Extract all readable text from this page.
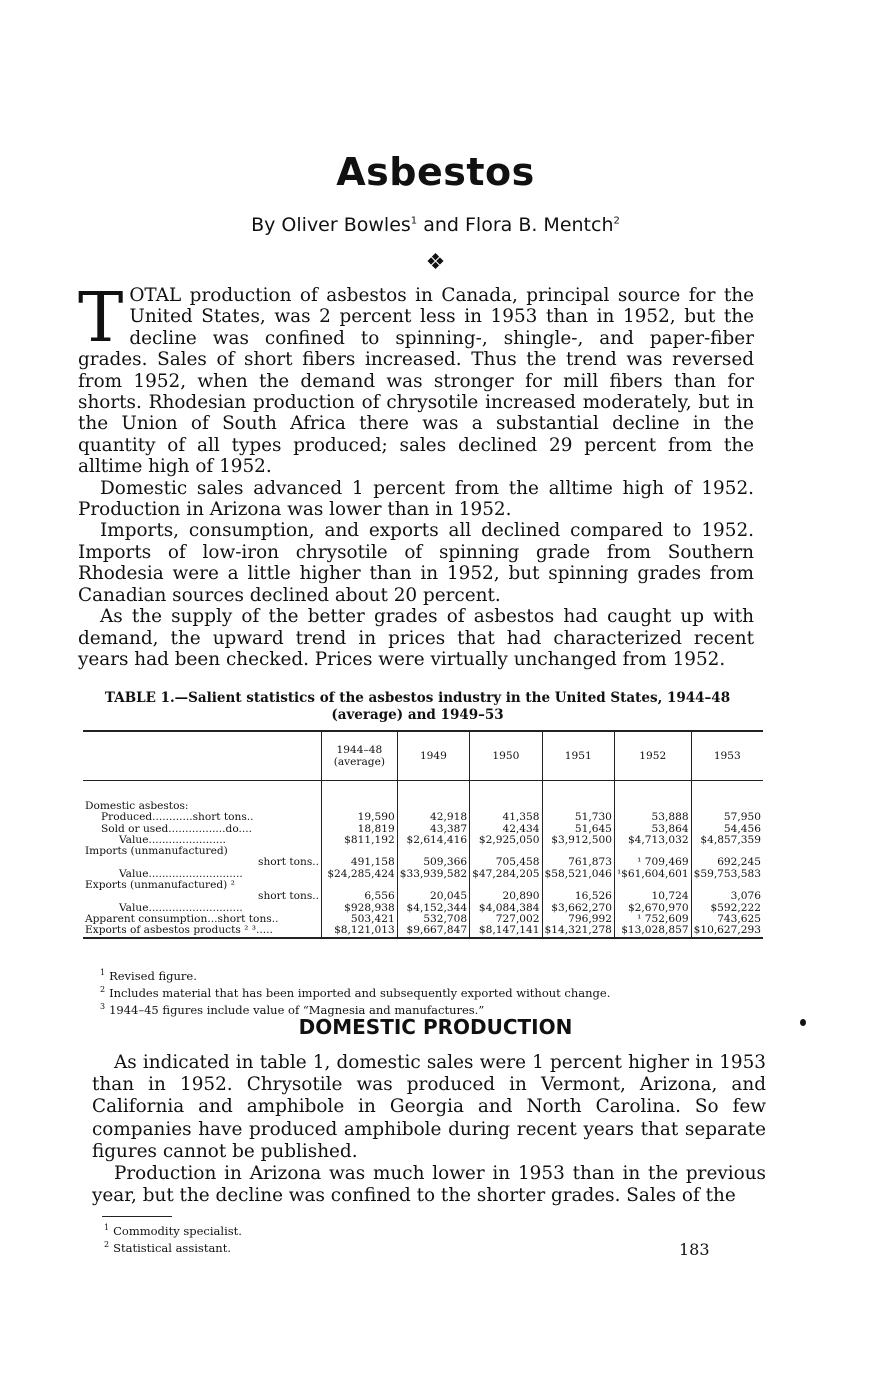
Asbestos
By Oliver Bowles$^1$ and Flora B. Mentch$^2$
❖

TOTAL production of asbestos in Canada, principal source for the United States, was 2 percent less in 1953 than in 1952, but the decline was confined to spinning-, shingle-, and paper-fiber grades. Sales of short fibers increased. Thus the trend was reversed from 1952, when the demand was stronger for mill fibers than for shorts. Rhodesian production of chrysotile increased moderately, but in the Union of South Africa there was a substantial decline in the quantity of all types produced; sales declined 29 percent from the alltime high of 1952.

Domestic sales advanced 1 percent from the alltime high of 1952. Production in Arizona was lower than in 1952.

Imports, consumption, and exports all declined compared to 1952. Imports of low-iron chrysotile of spinning grade from Southern Rhodesia were a little higher than in 1952, but spinning grades from Canadian sources declined about 20 percent.

As the supply of the better grades of asbestos had caught up with demand, the upward trend in prices that had characterized recent years had been checked. Prices were virtually unchanged from 1952.

TABLE 1.—Salient statistics of the asbestos industry in the United States, 1944–48
(average) and 1949–53
	1944–48 (average)	1949	1950	1951	1952	1953

Domestic asbestos:						
Produced............short tons..	19,590	42,918	41,358	51,730	53,888	57,950
Sold or used.................do....	18,819	43,387	42,434	51,645	53,864	54,456
Value.......................	$811,192	$2,614,416	$2,925,050	$3,912,500	$4,713,032	$4,857,359
Imports (unmanufactured)						
short tons..	491,158	509,366	705,458	761,873	¹ 709,469	692,245
Value............................	$24,285,424	$33,939,582	$47,284,205	$58,521,046	¹$61,604,601	$59,753,583
Exports (unmanufactured) ²						
short tons..	6,556	20,045	20,890	16,526	10,724	3,076
Value............................	$928,938	$4,152,344	$4,084,384	$3,662,270	$2,670,970	$592,222
Apparent consumption...short tons..	503,421	532,708	727,002	796,992	¹ 752,609	743,625
Exports of asbestos products ² ³.....	$8,121,013	$9,667,847	$8,147,141	$14,321,278	$13,028,857	$10,627,293
$^1$ Revised figure.
$^2$ Includes material that has been imported and subsequently exported without change.
$^3$ 1944–45 figures include value of “Magnesia and manufactures.”
DOMESTIC PRODUCTION

As indicated in table 1, domestic sales were 1 percent higher in 1953 than in 1952. Chrysotile was produced in Vermont, Arizona, and California and amphibole in Georgia and North Carolina. So few companies have produced amphibole during recent years that separate figures cannot be published.

Production in Arizona was much lower in 1953 than in the previous year, but the decline was confined to the shorter grades. Sales of the

$^1$ Commodity specialist.
$^2$ Statistical assistant.	183
